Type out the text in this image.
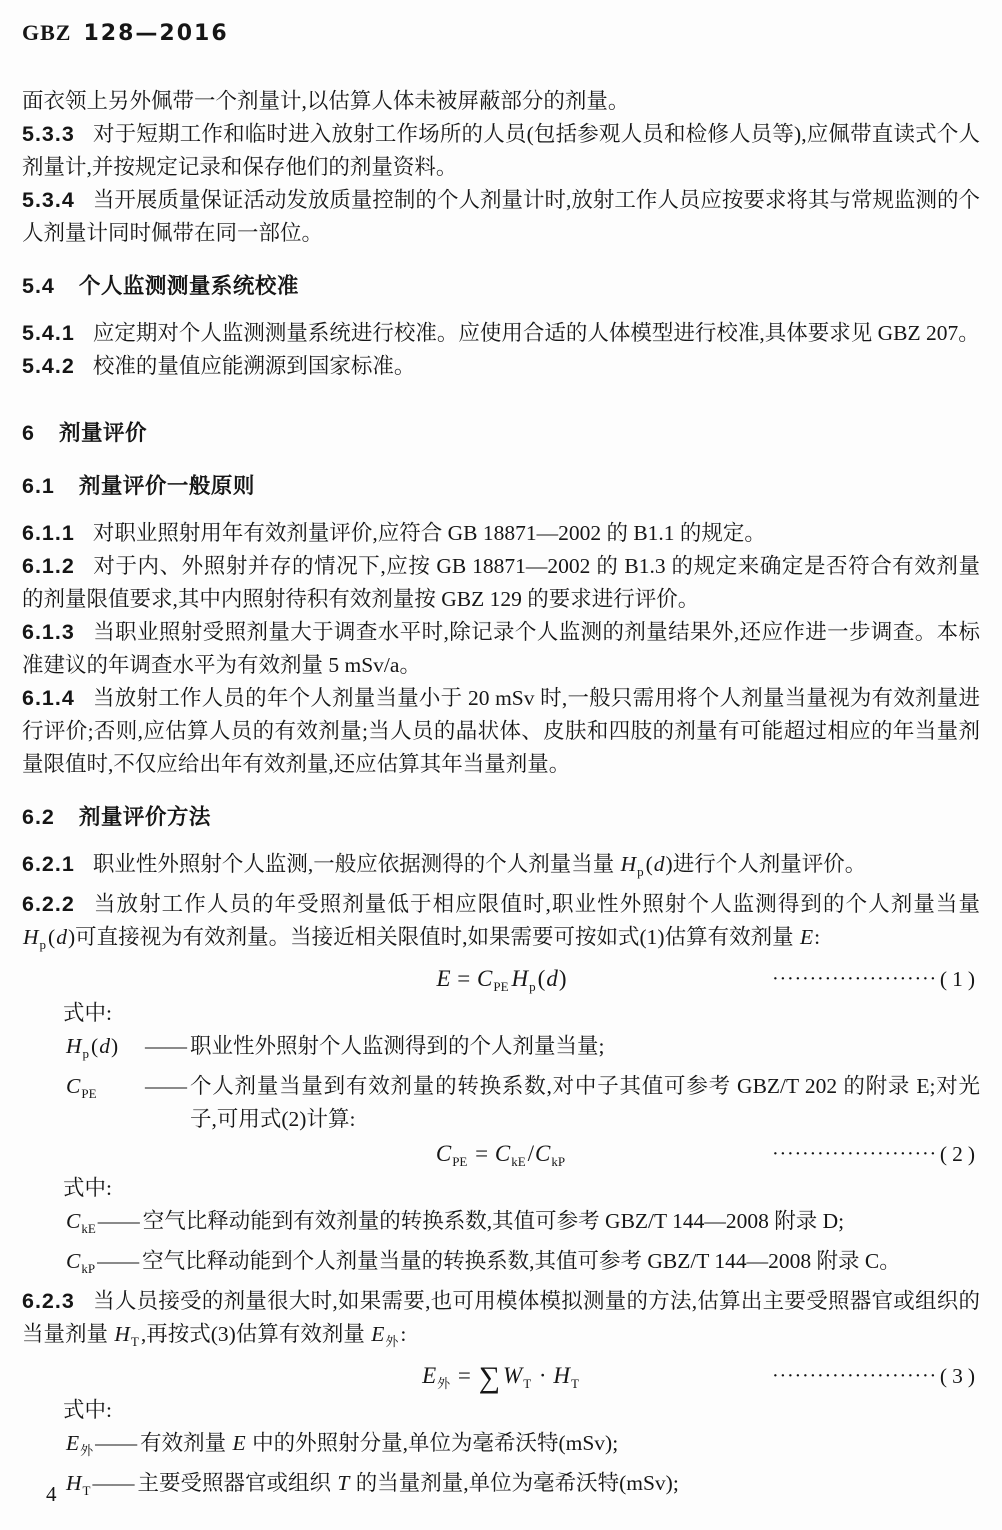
GBZ 128—2016
面衣领上另外佩带一个剂量计,以估算人体未被屏蔽部分的剂量。
5.3.3 对于短期工作和临时进入放射工作场所的人员(包括参观人员和检修人员等),应佩带直读式个人剂量计,并按规定记录和保存他们的剂量资料。
5.3.4 当开展质量保证活动发放质量控制的个人剂量计时,放射工作人员应按要求将其与常规监测的个人剂量计同时佩带在同一部位。
5.4 个人监测测量系统校准
5.4.1 应定期对个人监测测量系统进行校准。应使用合适的人体模型进行校准,具体要求见 GBZ 207。
5.4.2 校准的量值应能溯源到国家标准。
6 剂量评价
6.1 剂量评价一般原则
6.1.1 对职业照射用年有效剂量评价,应符合 GB 18871—2002 的 B1.1 的规定。
6.1.2 对于内、外照射并存的情况下,应按 GB 18871—2002 的 B1.3 的规定来确定是否符合有效剂量的剂量限值要求,其中内照射待积有效剂量按 GBZ 129 的要求进行评价。
6.1.3 当职业照射受照剂量大于调查水平时,除记录个人监测的剂量结果外,还应作进一步调查。本标准建议的年调查水平为有效剂量 5 mSv/a。
6.1.4 当放射工作人员的年个人剂量当量小于 20 mSv 时,一般只需用将个人剂量当量视为有效剂量进行评价;否则,应估算人员的有效剂量;当人员的晶状体、皮肤和四肢的剂量有可能超过相应的年当量剂量限值时,不仅应给出年有效剂量,还应估算其年当量剂量。
6.2 剂量评价方法
6.2.1 职业性外照射个人监测,一般应依据测得的个人剂量当量 $H_p(d)$进行个人剂量评价。
6.2.2 当放射工作人员的年受照剂量低于相应限值时,职业性外照射个人监测得到的个人剂量当量 $H_p(d)$可直接视为有效剂量。当接近相关限值时,如果需要可按如式(1)估算有效剂量 E:
$E = C_{PE}$ $H_p(d)$	······················ (1)
式中:
$H_p(d)$	—— 职业性外照射个人监测得到的个人剂量当量;
$C_{PE}$	—— 个人剂量当量到有效剂量的转换系数,对中子其值可参考 GBZ/T 202 的附录 E;对光子,可用式(2)计算:
$C_{PE} = C_{kE}/C_{kP}$	······················ (2)
式中:
$C_{kE}$ —— 空气比释动能到有效剂量的转换系数,其值可参考 GBZ/T 144—2008 附录 D;
$C_{kP}$ —— 空气比释动能到个人剂量当量的转换系数,其值可参考 GBZ/T 144—2008 附录 C。
6.2.3 当人员接受的剂量很大时,如果需要,也可用模体模拟测量的方法,估算出主要受照器官或组织的当量剂量 $H_T$,再按式(3)估算有效剂量 $E_外$:
$E_外$ = ∑ $W_T \cdot H_T$	······················ (3)
式中:
$E_外$ —— 有效剂量 E 中的外照射分量,单位为毫希沃特(mSv);
$H_T$ —— 主要受照器官或组织 T 的当量剂量,单位为毫希沃特(mSv);
4
